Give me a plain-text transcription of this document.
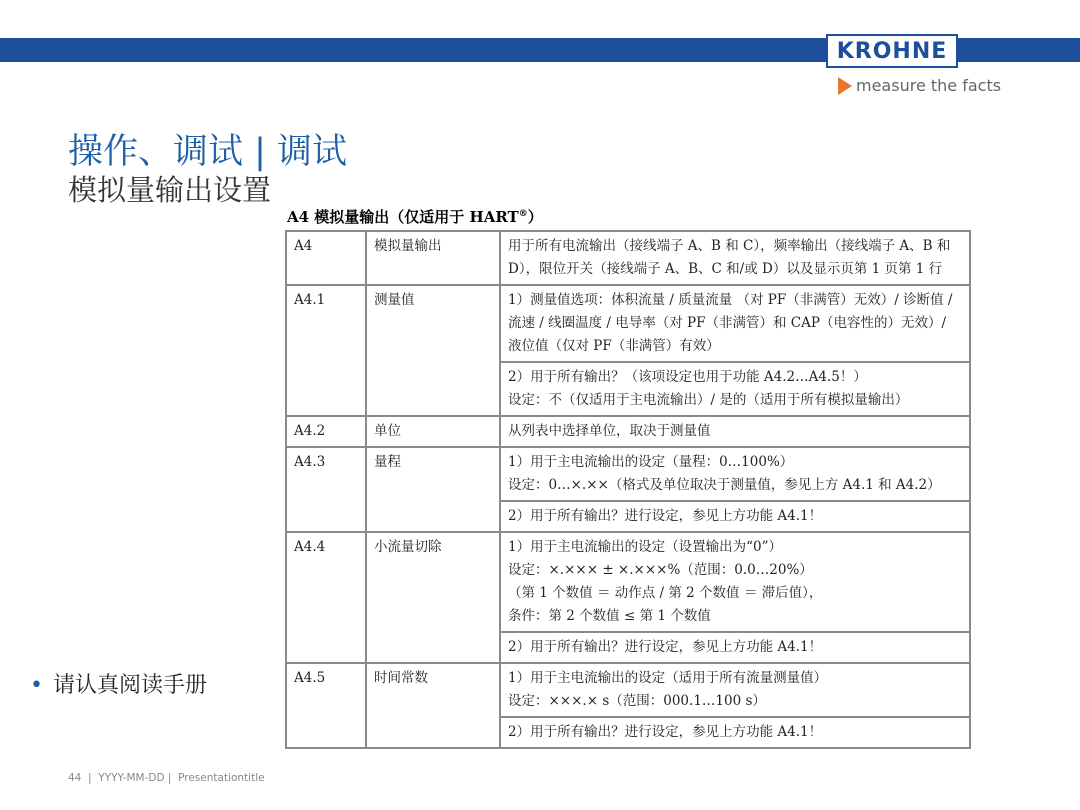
KROHNE
measure the facts
操作、调试 | 调试
模拟量输出设置
A4 模拟量输出（仅适用于 HART®）
A4	模拟量输出	用于所有电流输出（接线端子 A、B 和 C），频率输出（接线端子 A、B 和 D），限位开关（接线端子 A、B、C 和/或 D）以及显示页第 1 页第 1 行
A4.1	测量值	1）测量值选项：体积流量 / 质量流量 （对 PF（非满管）无效）/ 诊断值 / 流速 / 线圈温度 / 电导率（对 PF（非满管）和 CAP（电容性的）无效）/ 液位值（仅对 PF（非满管）有效）
		2）用于所有输出？（该项设定也用于功能 A4.2…A4.5！）
设定：不（仅适用于主电流输出）/ 是的（适用于所有模拟量输出）
A4.2	单位	从列表中选择单位，取决于测量值
A4.3	量程	1）用于主电流输出的设定（量程：0…100%）
设定：0…×.××（格式及单位取决于测量值，参见上方 A4.1 和 A4.2）
		2）用于所有输出？进行设定，参见上方功能 A4.1！
A4.4	小流量切除	1）用于主电流输出的设定（设置输出为“0”）
设定：×.××× ± ×.×××%（范围：0.0…20%）
（第 1 个数值 ＝ 动作点 / 第 2 个数值 ＝ 滞后值），
条件：第 2 个数值 ≤ 第 1 个数值
		2）用于所有输出？进行设定，参见上方功能 A4.1！
A4.5	时间常数	1）用于主电流输出的设定（适用于所有流量测量值）
设定：×××.× s（范围：000.1…100 s）
		2）用于所有输出？进行设定，参见上方功能 A4.1！
• 请认真阅读手册
44  |  YYYY-MM-DD |  Presentationtitle
